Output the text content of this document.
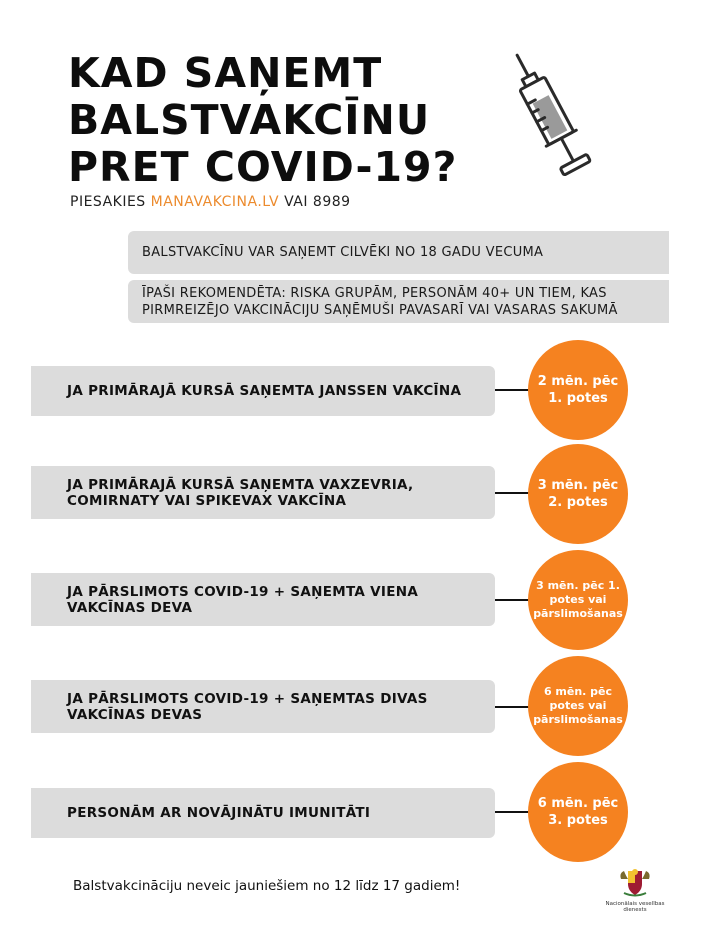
KAD SAŅEMT
BALSTVAKCĪNU
PRET COVID-19?
PIESAKIES MANAVAKCINA.LV VAI 8989
BALSTVAKCĪNU VAR SAŅEMT CILVĒKI NO 18 GADU VECUMA
ĪPAŠI REKOMENDĒTA: RISKA GRUPĀM, PERSONĀM 40+ UN TIEM, KAS
PIRMREIZĒJO VAKCINĀCIJU SAŅĒMUŠI PAVASARĪ VAI VASARAS SAKUMĀ
JA PRIMĀRAJĀ KURSĀ SAŅEMTA JANSSEN VAKCĪNA
2 mēn. pēc
1. potes
JA PRIMĀRAJĀ KURSĀ SAŅEMTA VAXZEVRIA,
COMIRNATY VAI SPIKEVAX VAKCĪNA
3 mēn. pēc
2. potes
JA PĀRSLIMOTS COVID-19 + SAŅEMTA VIENA
VAKCĪNAS DEVA
3 mēn. pēc 1.
potes vai
pārslimošanas
JA PĀRSLIMOTS COVID-19 + SAŅEMTAS DIVAS
VAKCĪNAS DEVAS
6 mēn. pēc
potes vai
pārslimošanas
PERSONĀM AR NOVĀJINĀTU IMUNITĀTI
6 mēn. pēc
3. potes
Balstvakcināciju neveic jauniešiem no 12 līdz 17 gadiem!
Nacionālais veselības dienests
